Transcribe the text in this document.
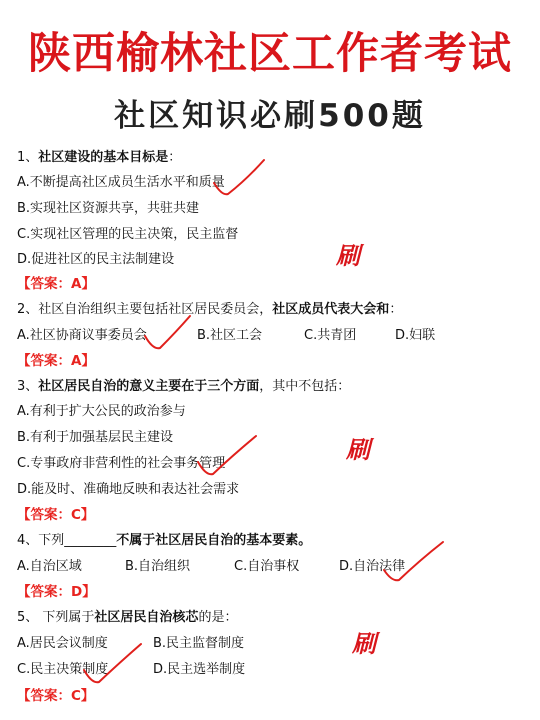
陕西榆林社区工作者考试
社区知识必刷500题
1、社区建设的基本目标是：
A.不断提高社区成员生活水平和质量
B.实现社区资源共享，共驻共建
C.实现社区管理的民主决策，民主监督
D.促进社区的民主法制建设
【答案：A】
2、社区自治组织主要包括社区居民委员会，社区成员代表大会和：
A.社区协商议事委员会	B.社区工会	C.共青团	D.妇联
【答案：A】
3、社区居民自治的意义主要在于三个方面，其中不包括：
A.有利于扩大公民的政治参与
B.有利于加强基层民主建设
C.专事政府非营利性的社会事务管理
D.能及时、准确地反映和表达社会需求
【答案：C】
4、下列________不属于社区居民自治的基本要素。
A.自治区域	B.自治组织	C.自治事权	D.自治法律
【答案：D】
5、 下列属于社区居民自治核芯的是：
A.居民会议制度	B.民主监督制度
C.民主决策制度	D.民主选举制度
【答案：C】
刷
刷
刷
